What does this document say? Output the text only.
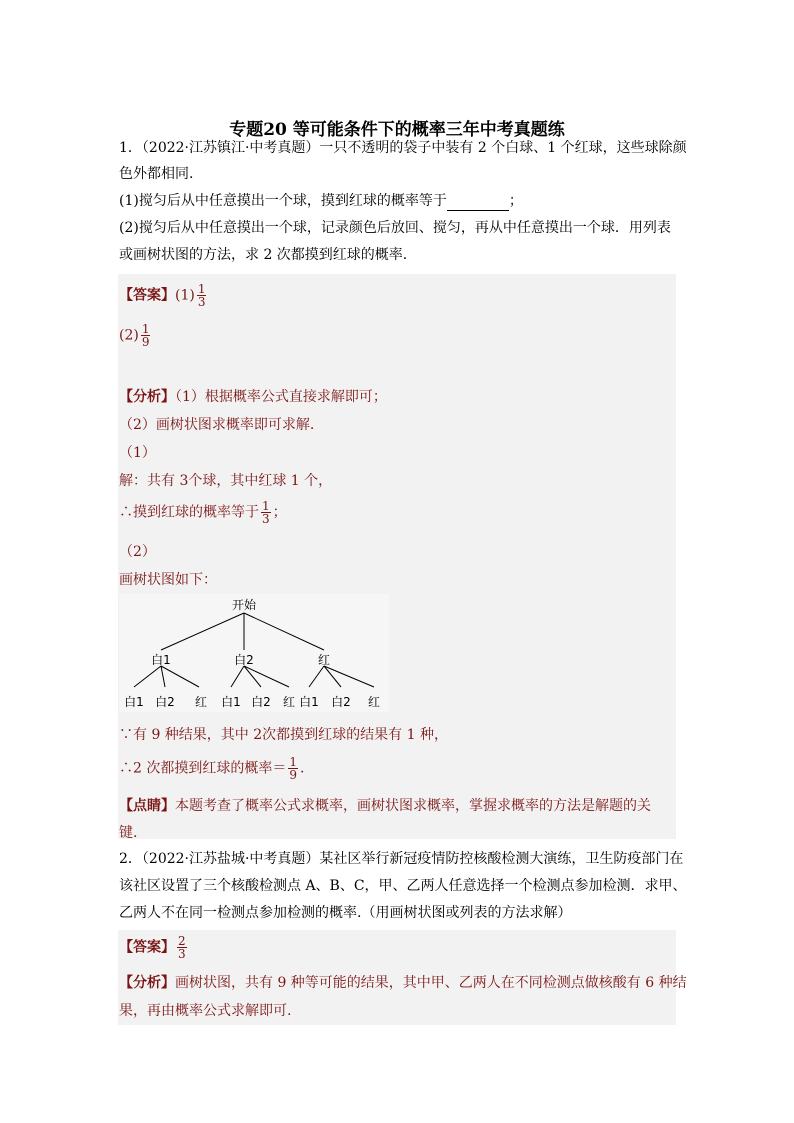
专题20 等可能条件下的概率三年中考真题练
1．（2022·江苏镇江·中考真题）一只不透明的袋子中装有 2 个白球、1 个红球，这些球除颜
色外都相同.
(1)搅匀后从中任意摸出一个球，摸到红球的概率等于	；
(2)搅匀后从中任意摸出一个球，记录颜色后放回、搅匀，再从中任意摸出一个球．用列表
或画树状图的方法，求 2 次都摸到红球的概率.
【答案】$(1) \frac{1}{3}$
$(2) \frac{1}{9}$
【分析】（1）根据概率公式直接求解即可；
（2）画树状图求概率即可求解.
（1）
解：共有 3个球，其中红球 1 个，
∴摸到红球的概率等于 $\frac{1}{3}$ ；
（2）
画树状图如下：
开始
白1	白2	红
白1 白2 红 白1 白2 红 白1 白2 红
∵有 9 种结果，其中 2次都摸到红球的结果有 1 种，
∴2 次都摸到红球的概率＝ $\frac{1}{9}$ .
【点睛】本题考查了概率公式求概率，画树状图求概率，掌握求概率的方法是解题的关
键.
2．（2022·江苏盐城·中考真题）某社区举行新冠疫情防控核酸检测大演练，卫生防疫部门在
该社区设置了三个核酸检测点 A、B、C，甲、乙两人任意选择一个检测点参加检测．求甲、
乙两人不在同一检测点参加检测的概率.（用画树状图或列表的方法求解）
【答案】 $\frac{2}{3}$
【分析】画树状图，共有 9 种等可能的结果，其中甲、乙两人在不同检测点做核酸有 6 种结
果，再由概率公式求解即可.
